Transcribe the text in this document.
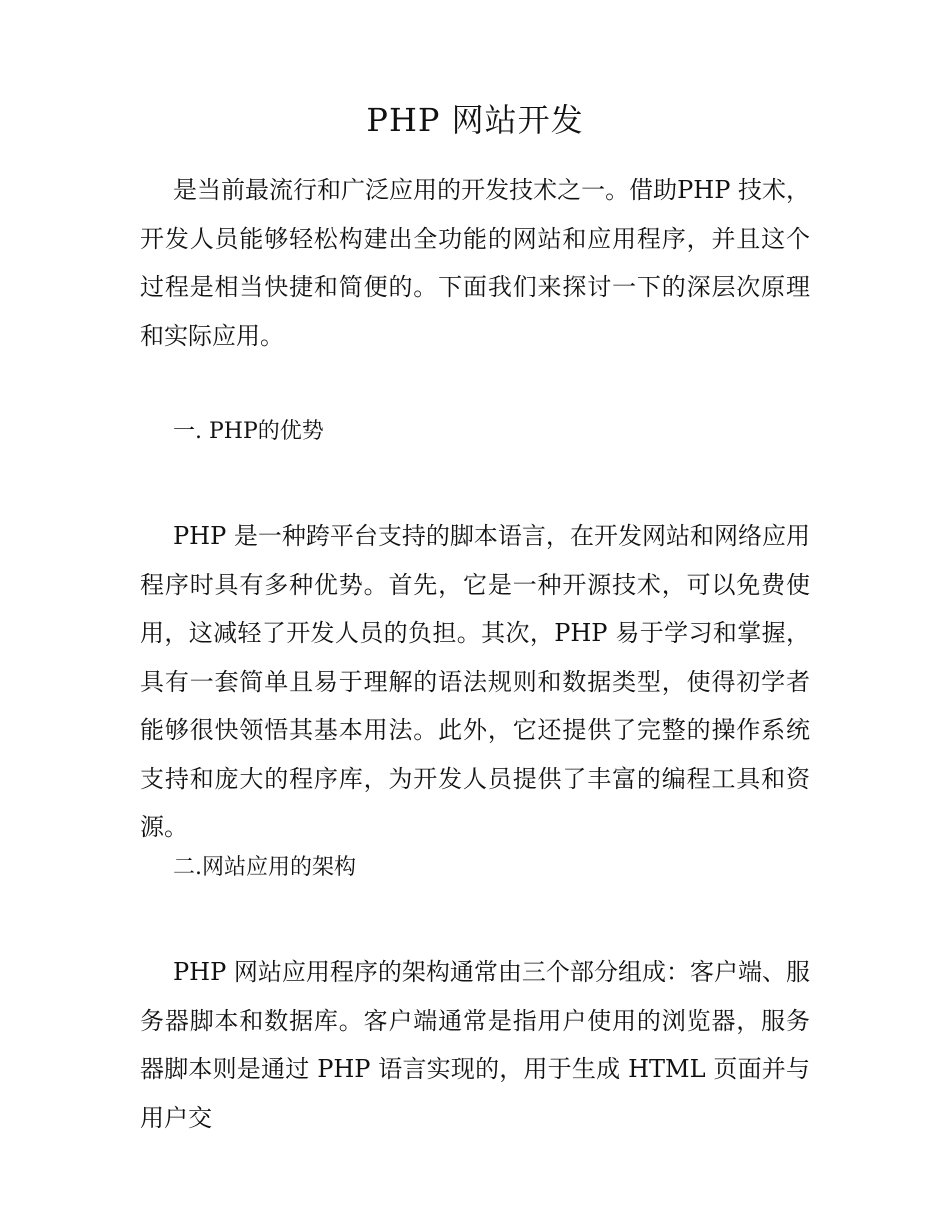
PHP 网站开发

是当前最流行和广泛应用的开发技术之一。借助PHP 技术，开发人员能够轻松构建出全功能的网站和应用程序，并且这个过程是相当快捷和简便的。下面我们来探讨一下的深层次原理和实际应用。

一. PHP的优势

PHP 是一种跨平台支持的脚本语言，在开发网站和网络应用程序时具有多种优势。首先，它是一种开源技术，可以免费使用，这减轻了开发人员的负担。其次，PHP 易于学习和掌握，具有一套简单且易于理解的语法规则和数据类型，使得初学者能够很快领悟其基本用法。此外，它还提供了完整的操作系统支持和庞大的程序库，为开发人员提供了丰富的编程工具和资源。

二.网站应用的架构

PHP 网站应用程序的架构通常由三个部分组成：客户端、服务器脚本和数据库。客户端通常是指用户使用的浏览器，服务器脚本则是通过 PHP 语言实现的，用于生成 HTML 页面并与用户交
